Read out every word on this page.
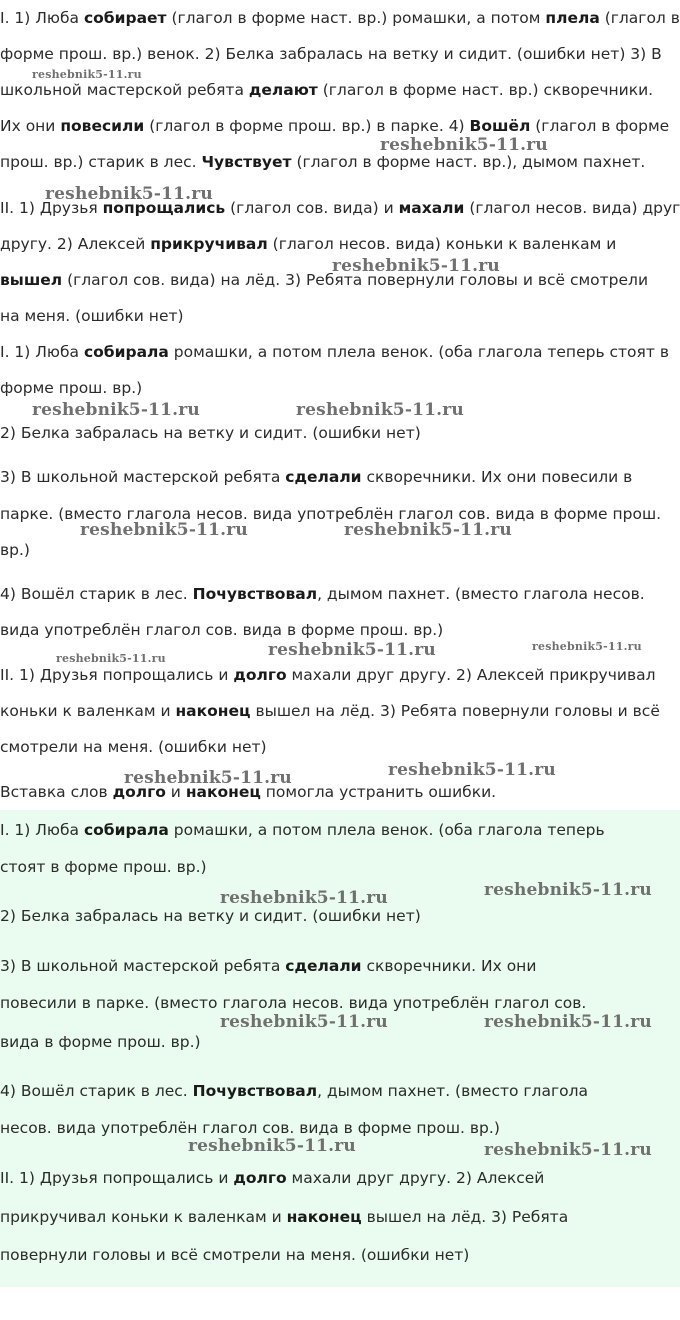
I. 1) Люба собирает (глагол в форме наст. вр.) ромашки, а потом плела (глагол в
форме прош. вр.) венок. 2) Белка забралась на ветку и сидит. (ошибки нет) 3) В
школьной мастерской ребята делают (глагол в форме наст. вр.) скворечники.
Их они повесили (глагол в форме прош. вр.) в парке. 4) Вошёл (глагол в форме
прош. вр.) старик в лес. Чувствует (глагол в форме наст. вр.), дымом пахнет.
II. 1) Друзья попрощались (глагол сов. вида) и махали (глагол несов. вида) друг
другу. 2) Алексей прикручивал (глагол несов. вида) коньки к валенкам и
вышел (глагол сов. вида) на лёд. 3) Ребята повернули головы и всё смотрели
на меня. (ошибки нет)
I. 1) Люба собирала ромашки, а потом плела венок. (оба глагола теперь стоят в
форме прош. вр.)
2) Белка забралась на ветку и сидит. (ошибки нет)
3) В школьной мастерской ребята сделали скворечники. Их они повесили в
парке. (вместо глагола несов. вида употреблён глагол сов. вида в форме прош.
вр.)
4) Вошёл старик в лес. Почувствовал, дымом пахнет. (вместо глагола несов.
вида употреблён глагол сов. вида в форме прош. вр.)
II. 1) Друзья попрощались и долго махали друг другу. 2) Алексей прикручивал
коньки к валенкам и наконец вышел на лёд. 3) Ребята повернули головы и всё
смотрели на меня. (ошибки нет)
Вставка слов долго и наконец помогла устранить ошибки.
I. 1) Люба собирала ромашки, а потом плела венок. (оба глагола теперь
стоят в форме прош. вр.)
2) Белка забралась на ветку и сидит. (ошибки нет)
3) В школьной мастерской ребята сделали скворечники. Их они
повесили в парке. (вместо глагола несов. вида употреблён глагол сов.
вида в форме прош. вр.)
4) Вошёл старик в лес. Почувствовал, дымом пахнет. (вместо глагола
несов. вида употреблён глагол сов. вида в форме прош. вр.)
II. 1) Друзья попрощались и долго махали друг другу. 2) Алексей
прикручивал коньки к валенкам и наконец вышел на лёд. 3) Ребята
повернули головы и всё смотрели на меня. (ошибки нет)
reshebnik5-11.ru
reshebnik5-11.ru
reshebnik5-11.ru
reshebnik5-11.ru
reshebnik5-11.ru	reshebnik5-11.ru
reshebnik5-11.ru	reshebnik5-11.ru
reshebnik5-11.ru
reshebnik5-11.ru	reshebnik5-11.ru
reshebnik5-11.ru
reshebnik5-11.ru
reshebnik5-11.ru
reshebnik5-11.ru
reshebnik5-11.ru	reshebnik5-11.ru
reshebnik5-11.ru	reshebnik5-11.ru
